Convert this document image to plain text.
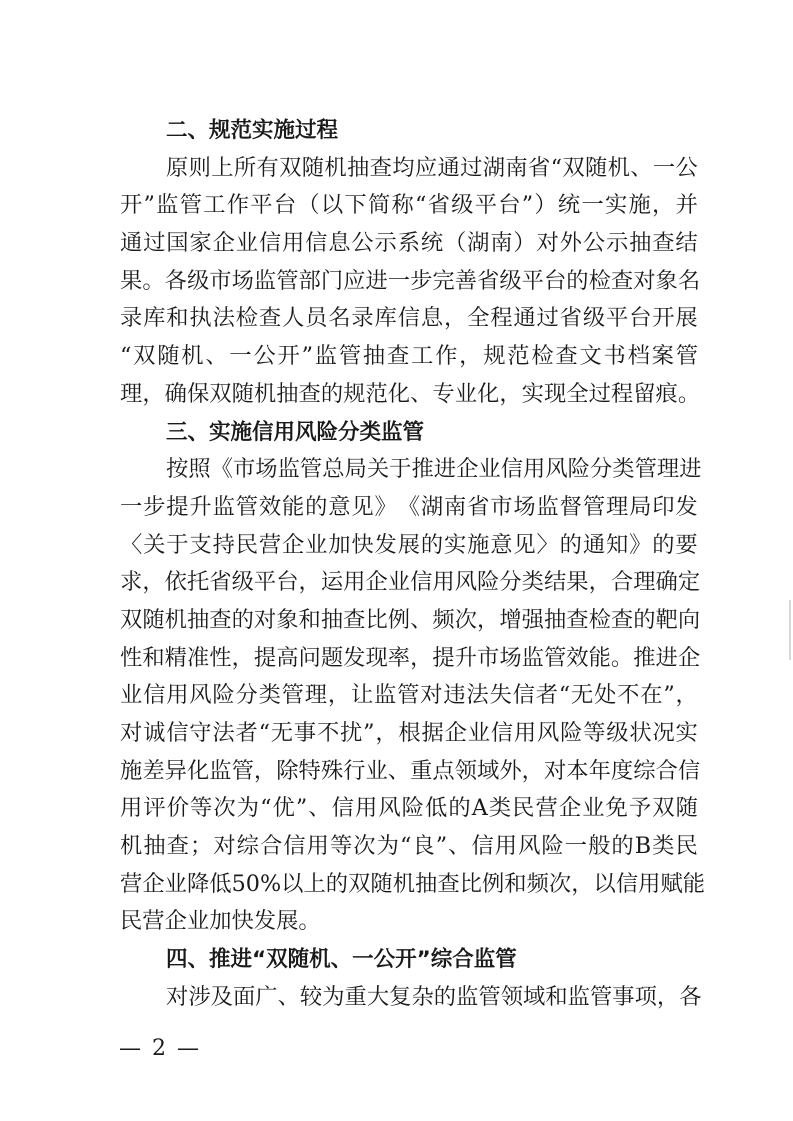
二、规范实施过程
原 则 上 所 有 双 随 机 抽 查 均 应 通 过 湖 南 省 “ 双 随 机 、 一 公
开 ” 监 管 工 作 平 台 （ 以 下 简 称 “ 省 级 平 台 ” ） 统 一 实 施 ， 并
通 过 国 家 企 业 信 用 信 息 公 示 系 统 （ 湖 南 ） 对 外 公 示 抽 查 结
果 。 各 级 市 场 监 管 部 门 应 进 一 步 完 善 省 级 平 台 的 检 查 对 象 名
录 库 和 执 法 检 查 人 员 名 录 库 信 息 ， 全 程 通 过 省 级 平 台 开 展
“ 双 随 机 、 一 公 开 ” 监 管 抽 查 工 作 ， 规 范 检 查 文 书 档 案 管
理 ， 确 保 双 随 机 抽 查 的 规 范 化 、 专 业 化 ， 实 现 全 过 程 留 痕 。
三、实施信用风险分类监管
按 照 《 市 场 监 管 总 局 关 于 推 进 企 业 信 用 风 险 分 类 管 理 进
一 步 提 升 监 管 效 能 的 意 见 》 《 湖 南 省 市 场 监 督 管 理 局 印 发
〈 关 于 支 持 民 营 企 业 加 快 发 展 的 实 施 意 见 〉 的 通 知 》 的 要
求 ， 依 托 省 级 平 台 ， 运 用 企 业 信 用 风 险 分 类 结 果 ， 合 理 确 定
双 随 机 抽 查 的 对 象 和 抽 查 比 例 、 频 次 ， 增 强 抽 查 检 查 的 靶 向
性 和 精 准 性 ， 提 高 问 题 发 现 率 ， 提 升 市 场 监 管 效 能 。 推 进 企
业 信 用 风 险 分 类 管 理 ， 让 监 管 对 违 法 失 信 者 “ 无 处 不 在 ” ，
对 诚 信 守 法 者 “ 无 事 不 扰 ” ， 根 据 企 业 信 用 风 险 等 级 状 况 实
施 差 异 化 监 管 ， 除 特 殊 行 业 、 重 点 领 域 外 ， 对 本 年 度 综 合 信
用 评 价 等 次 为 “ 优 ” 、 信 用 风 险 低 的 A 类 民 营 企 业 免 予 双 随
机 抽 查 ； 对 综 合 信 用 等 次 为 “ 良 ” 、 信 用 风 险 一 般 的 B 类 民
营 企 业 降 低 5 0 % 以 上 的 双 随 机 抽 查 比 例 和 频 次 ， 以 信 用 赋 能
民营企业加快发展。
四、推进“双随机、一公开”综合监管
对 涉 及 面 广 、 较 为 重 大 复 杂 的 监 管 领 域 和 监 管 事 项 ， 各
— 2 —
